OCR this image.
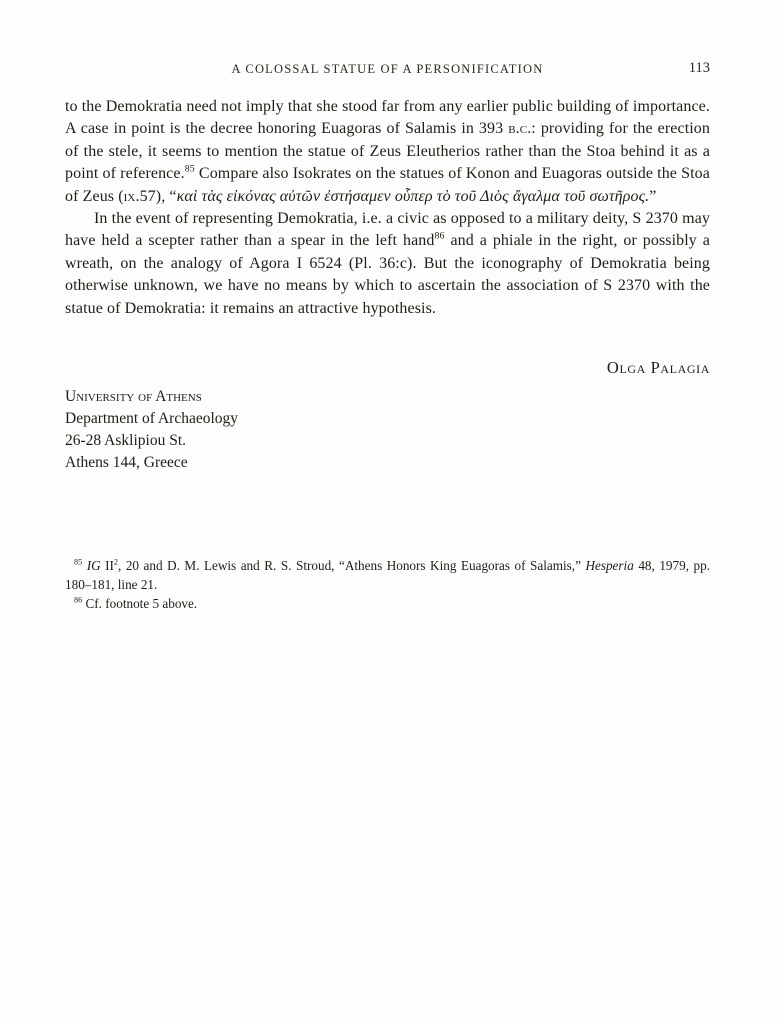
A COLOSSAL STATUE OF A PERSONIFICATION	113

to the Demokratia need not imply that she stood far from any earlier public building of importance. A case in point is the decree honoring Euagoras of Salamis in 393 b.c.: providing for the erection of the stele, it seems to mention the statue of Zeus Eleutherios rather than the Stoa behind it as a point of reference.$^{85}$ Compare also Isokrates on the statues of Konon and Euagoras outside the Stoa of Zeus (ix.57), “καὶ τὰς εἰκόνας αὐτῶν ἐστήσαμεν οὗπερ τὸ τοῦ Διὸς ἄγαλμα τοῦ σωτῆρος.”

In the event of representing Demokratia, i.e. a civic as opposed to a military deity, S 2370 may have held a scepter rather than a spear in the left hand$^{86}$ and a phiale in the right, or possibly a wreath, on the analogy of Agora I 6524 (Pl. 36:c). But the iconography of Demokratia being otherwise unknown, we have no means by which to ascertain the association of S 2370 with the statue of Demokratia: it remains an attractive hypothesis.

Olga Palagia

University of Athens

Department of Archaeology

26-28 Asklipiou St.

Athens 144, Greece

$^{85}$ IG $II^2$, 20 and D. M. Lewis and R. S. Stroud, “Athens Honors King Euagoras of Salamis,” Hesperia 48, 1979, pp. 180–181, line 21.

$^{86}$ Cf. footnote 5 above.
